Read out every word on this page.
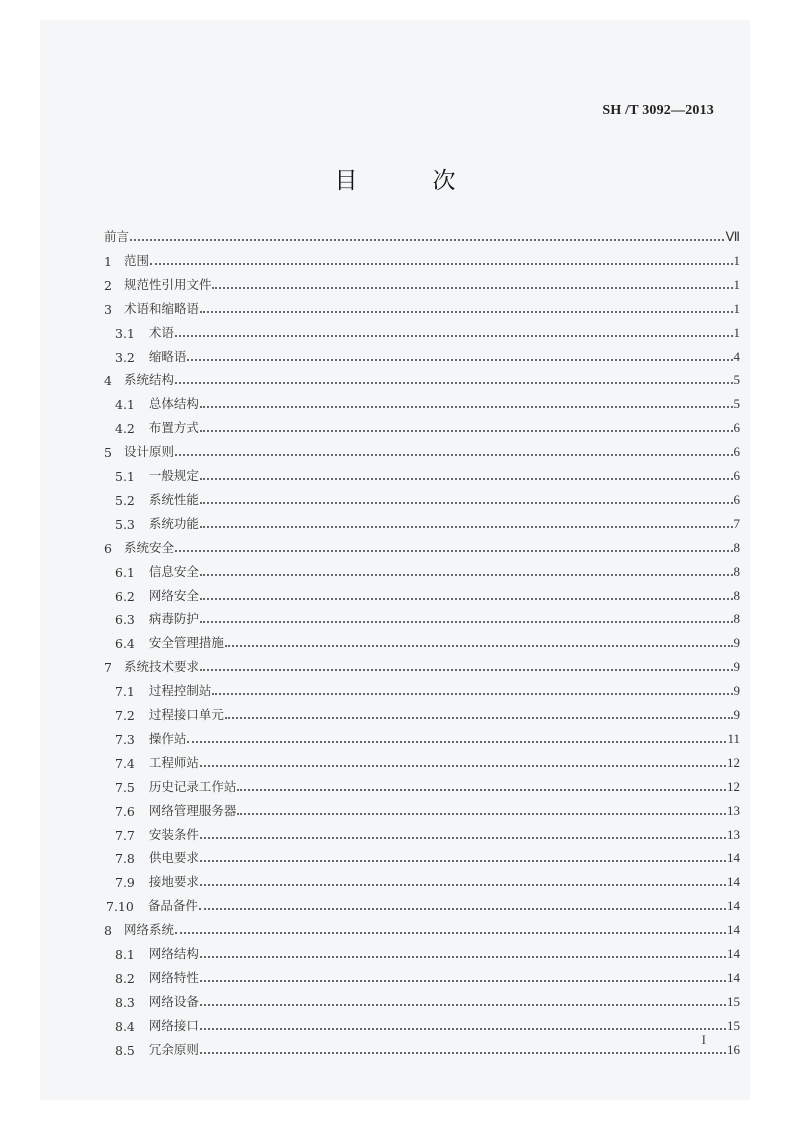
SH /T 3092—2013
目　次
前言	Ⅶ
1 范围	1
2 规范性引用文件	1
3 术语和缩略语	1
3.1 术语	1
3.2 缩略语	4
4 系统结构	5
4.1 总体结构	5
4.2 布置方式	6
5 设计原则	6
5.1 一般规定	6
5.2 系统性能	6
5.3 系统功能	7
6 系统安全	8
6.1 信息安全	8
6.2 网络安全	8
6.3 病毒防护	8
6.4 安全管理措施	9
7 系统技术要求	9
7.1 过程控制站	9
7.2 过程接口单元	9
7.3 操作站	11
7.4 工程师站	12
7.5 历史记录工作站	12
7.6 网络管理服务器	13
7.7 安装条件	13
7.8 供电要求	14
7.9 接地要求	14
7.10 备品备件	14
8 网络系统	14
8.1 网络结构	14
8.2 网络特性	14
8.3 网络设备	15
8.4 网络接口	15
8.5 冗余原则	16
I
